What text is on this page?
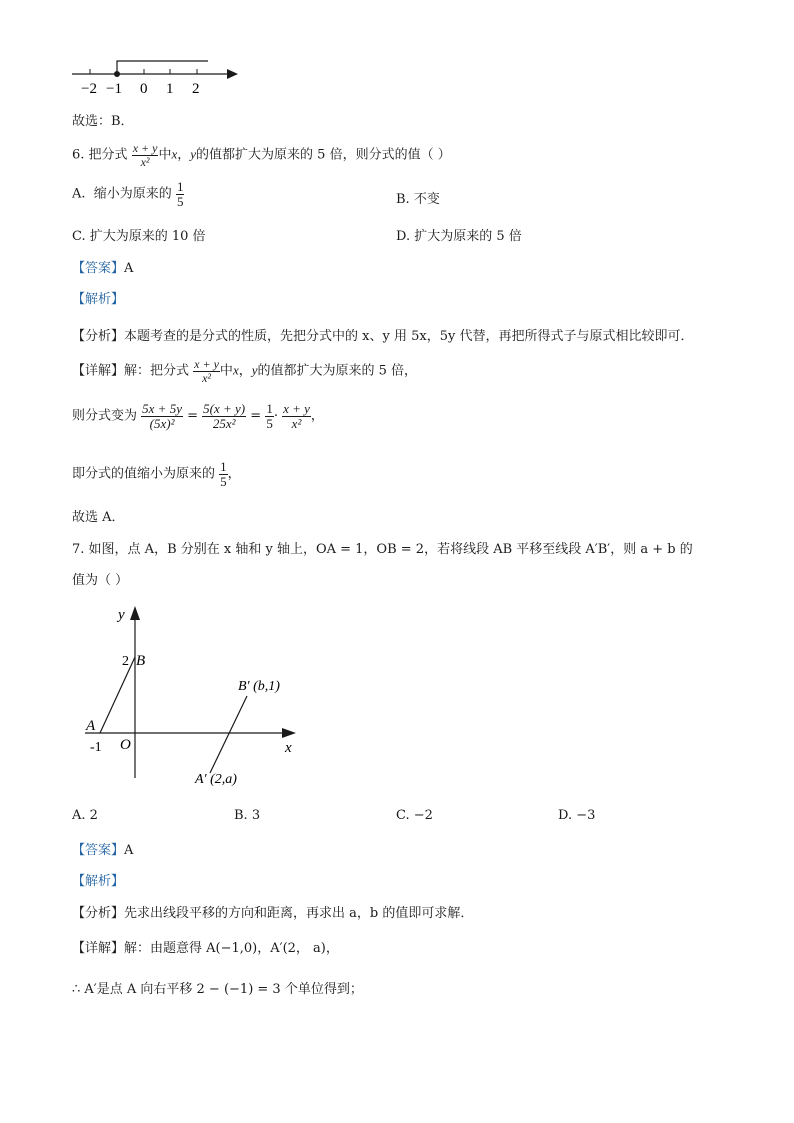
−2 −1 0 1 2
故选：B．
6. 把分式 $\frac{x + y}{\text{x²}}$ 中x，y的值都扩大为原来的 5 倍，则分式的值（ ）
A. 缩小为原来的 $\frac{1}{5}$	B. 不变
C. 扩大为原来的 10 倍	D. 扩大为原来的 5 倍
【答案】A
【解析】
【分析】本题考查的是分式的性质，先把分式中的 x、y 用 5x，5y 代替，再把所得式子与原式相比较即可．
【详解】解：把分式 $\frac{x + y}{\text{x²}}$ 中x，y的值都扩大为原来的 5 倍，
则分式变为 $\frac{5x + 5y}{\text{(5x)²}} = \frac{5(x + y)}{\text{25x²}} = \frac{1}{5} \cdot \frac{x + y}{\text{x²}}$ ，
即分式的值缩小为原来的 $\frac{1}{5}$ ，
故选 A．
7. 如图，点 A，B 分别在 x 轴和 y 轴上，OA = 1，OB = 2，若将线段 AB 平移至线段 A′B′，则 a + b 的
值为（ ）
y
x
O
A
-1
2 B
B′ (b,1)
A′ (2,a)
A. 2	B. 3	C. −2	D. −3
【答案】A
【解析】
【分析】先求出线段平移的方向和距离，再求出 a，b 的值即可求解．
【详解】解：由题意得 A(−1,0)，A′(2， a)，
∴ A′是点 A 向右平移 2 − (−1) = 3 个单位得到；
